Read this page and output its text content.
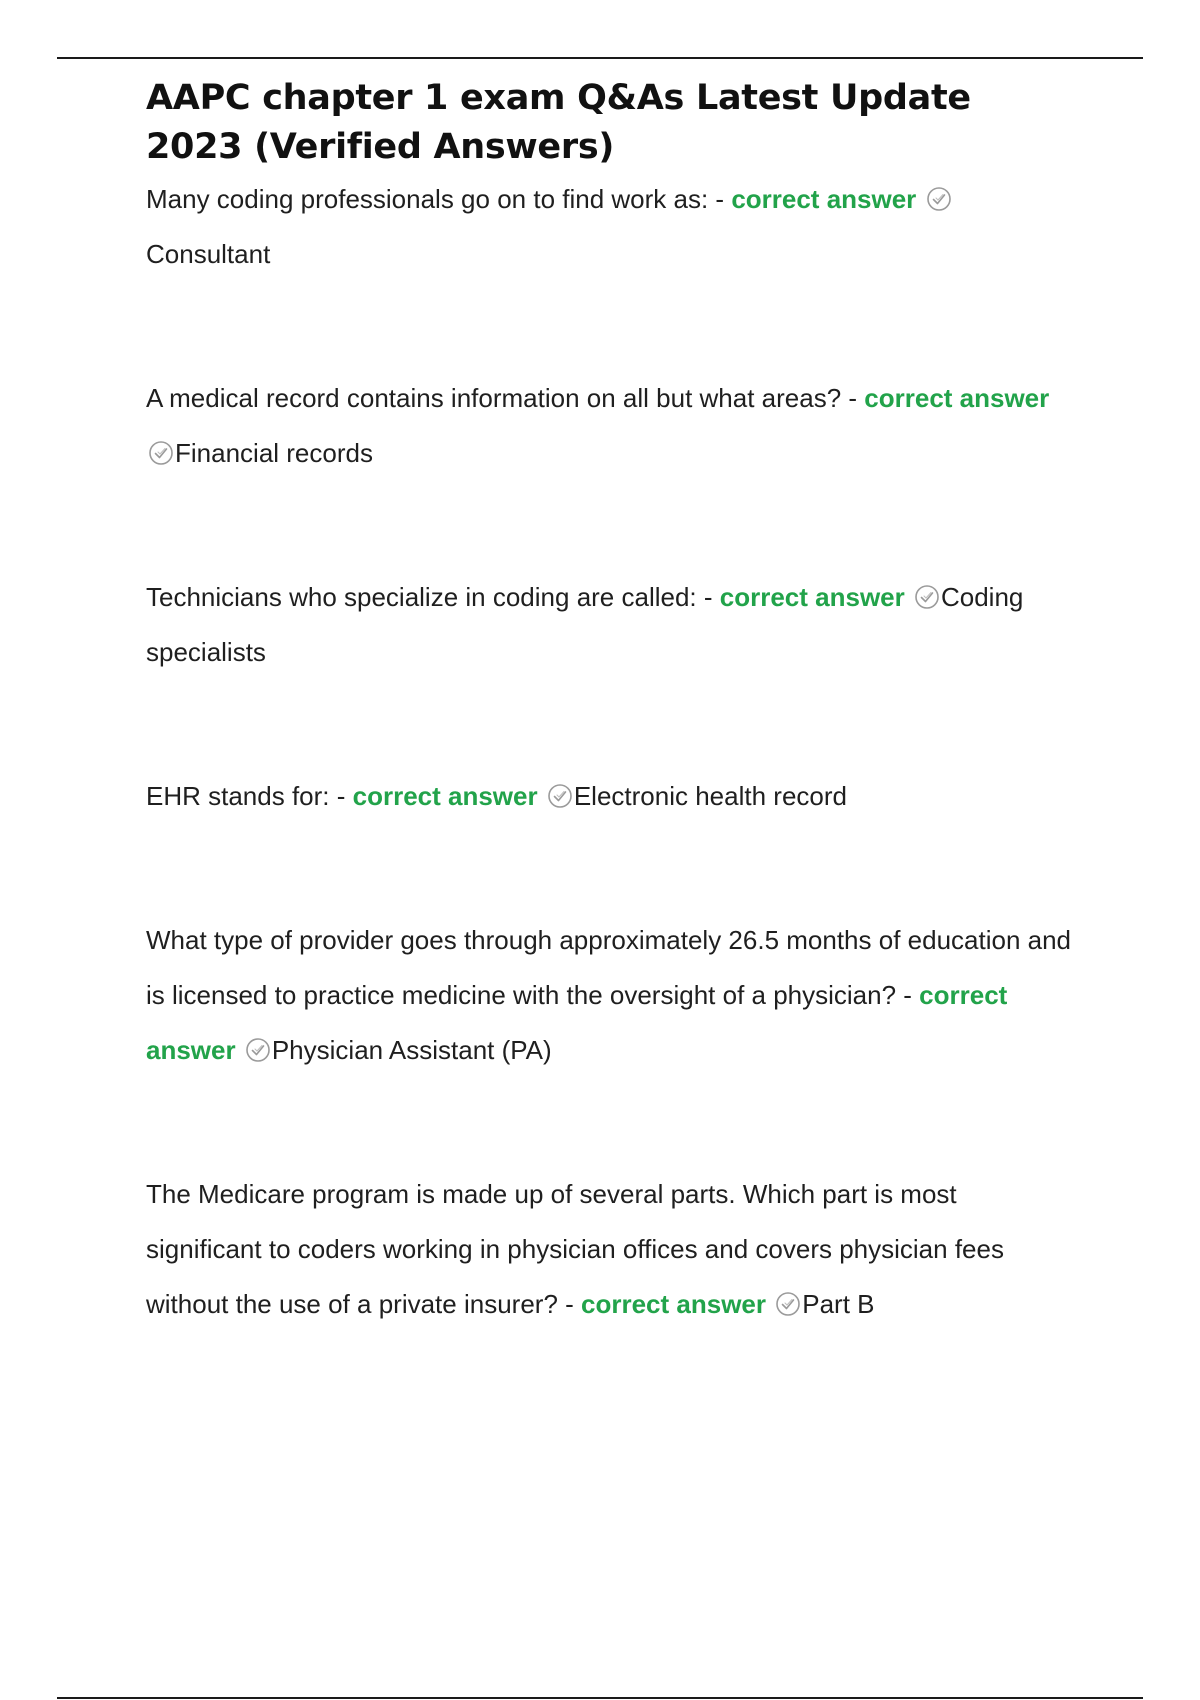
AAPC chapter 1 exam Q&As Latest Update 2023 (Verified Answers)

Many coding professionals go on to find work as: - correct answer
Consultant

A medical record contains information on all but what areas? - correct answer
Financial records

Technicians who specialize in coding are called: - correct answer Coding specialists

EHR stands for: - correct answer Electronic health record

What type of provider goes through approximately 26.5 months of education and is licensed to practice medicine with the oversight of a physician? - correct answer Physician Assistant (PA)

The Medicare program is made up of several parts. Which part is most significant to coders working in physician offices and covers physician fees without the use of a private insurer? - correct answer Part B
